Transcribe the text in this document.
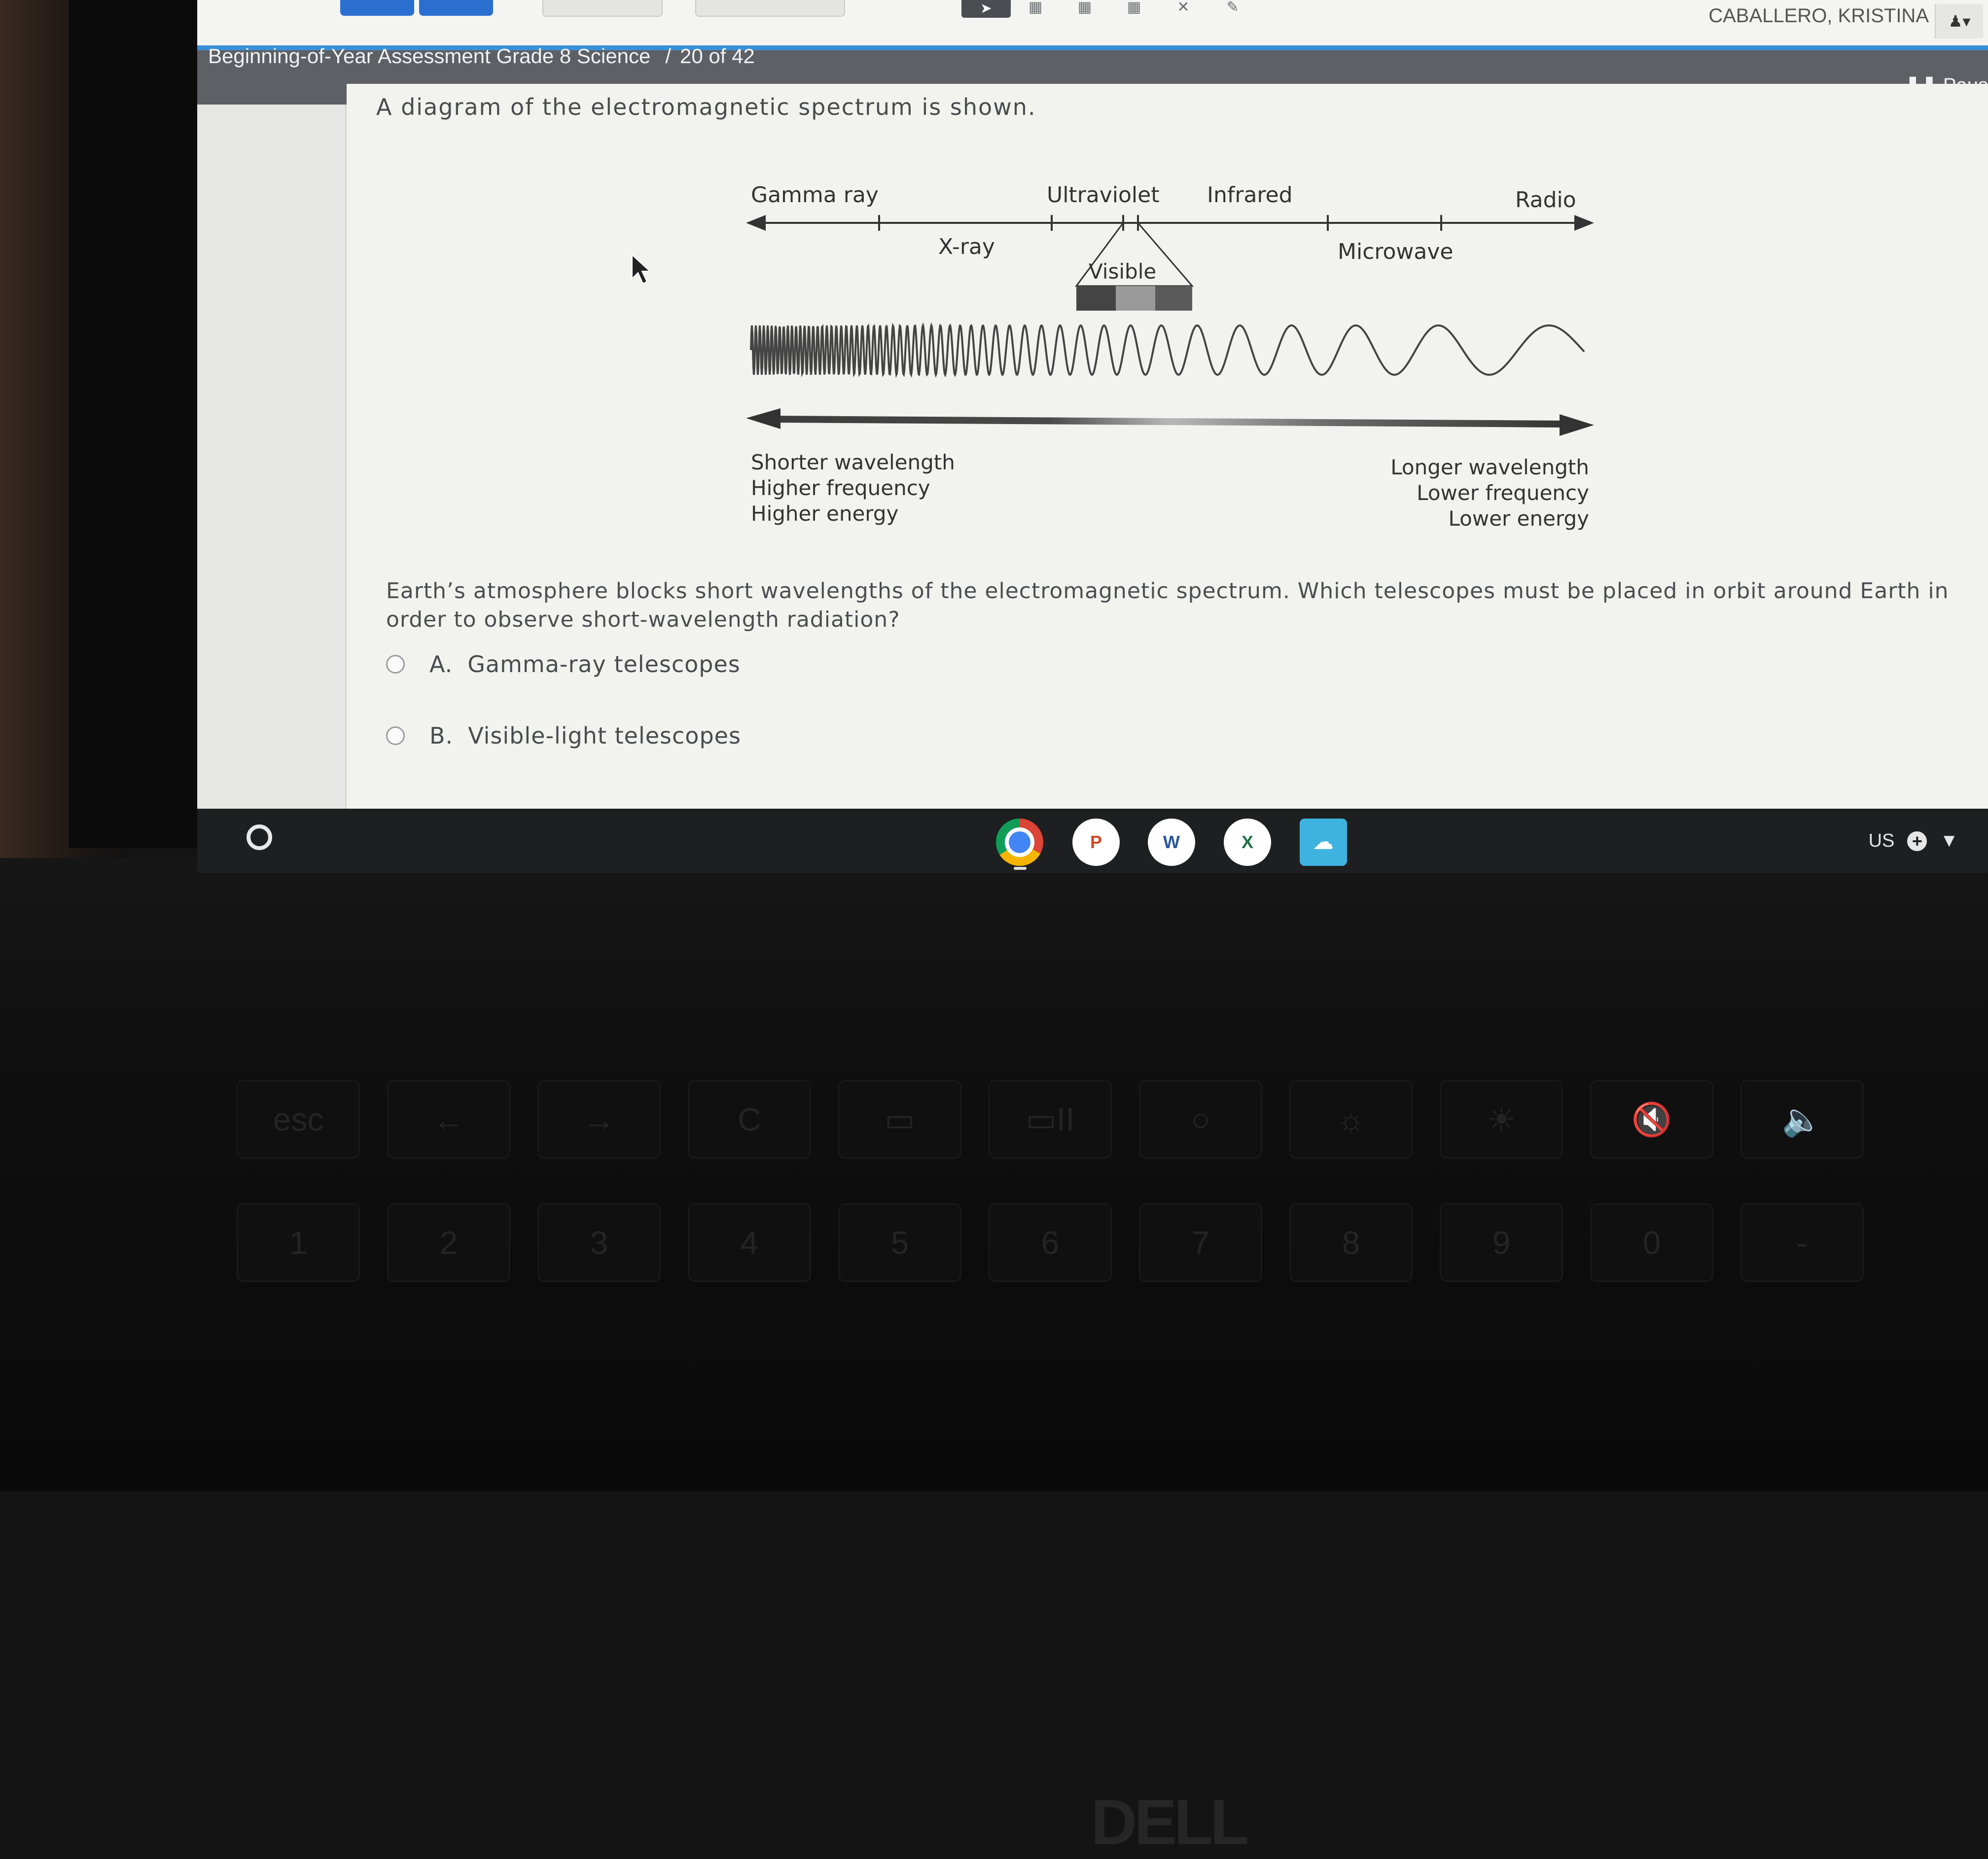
DELL
esc	←	→	C	▭	▭II	○	☼	☀	🔇	🔈
1	2	3	4	5	6	7	8	9	0	-
➤	▦	▦	▦	✕	✎	CABALLERO, KRISTINA	♟▾
Beginning-of-Year Assessment Grade 8 Science / 20 of 42
A diagram of the electromagnetic spectrum is shown.
Gamma ray	Ultraviolet Infrared	Radio
X-ray
Visible
Microwave
Shorter wavelength
Higher frequency
Higher energy
Longer wavelength
Lower frequency
Lower energy
Earth’s atmosphere blocks short wavelengths of the electromagnetic spectrum. Which telescopes must be placed in orbit around Earth in order to observe short-wavelength radiation?
A. Gamma-ray telescopes
B. Visible-light telescopes
P	W	X	☁	US + ▼
